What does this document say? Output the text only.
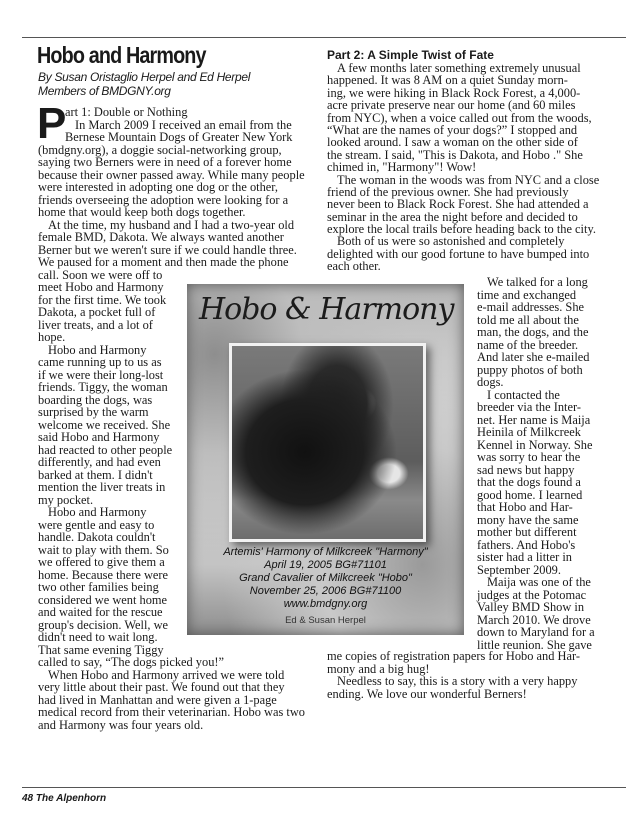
Hobo and Harmony
By Susan Oristaglio Herpel and Ed Herpel
Members of BMDGNY.org
P
art 1: Double or Nothing
In March 2009 I received an email from the
Bernese Mountain Dogs of Greater New York
(bmdgny.org), a doggie social-networking group,
saying two Berners were in need of a forever home
because their owner passed away. While many people
were interested in adopting one dog or the other,
friends overseeing the adoption were looking for a
home that would keep both dogs together.
At the time, my husband and I had a two-year old
female BMD, Dakota. We always wanted another
Berner but we weren't sure if we could handle three.
We paused for a moment and then made the phone
call. Soon we were off to
meet Hobo and Harmony
for the first time. We took
Dakota, a pocket full of
liver treats, and a lot of
hope.
Hobo and Harmony
came running up to us as
if we were their long-lost
friends. Tiggy, the woman
boarding the dogs, was
surprised by the warm
welcome we received. She
said Hobo and Harmony
had reacted to other people
differently, and had even
barked at them. I didn't
mention the liver treats in
my pocket.
Hobo and Harmony
were gentle and easy to
handle. Dakota couldn't
wait to play with them. So
we offered to give them a
home. Because there were
two other families being
considered we went home
and waited for the rescue
group's decision. Well, we
didn't need to wait long.
That same evening Tiggy
called to say, “The dogs picked you!”
When Hobo and Harmony arrived we were told
very little about their past. We found out that they
had lived in Manhattan and were given a 1-page
medical record from their veterinarian. Hobo was two
and Harmony was four years old.
Part 2: A Simple Twist of Fate
A few months later something extremely unusual
happened. It was 8 AM on a quiet Sunday morn-
ing, we were hiking in Black Rock Forest, a 4,000-
acre private preserve near our home (and 60 miles
from NYC), when a voice called out from the woods,
“What are the names of your dogs?” I stopped and
looked around. I saw a woman on the other side of
the stream. I said, "This is Dakota, and Hobo ." She
chimed in, "Harmony"! Wow!
The woman in the woods was from NYC and a close
friend of the previous owner. She had previously
never been to Black Rock Forest. She had attended a
seminar in the area the night before and decided to
explore the local trails before heading back to the city.
Both of us were so astonished and completely
delighted with our good fortune to have bumped into
each other.
We talked for a long
time and exchanged
e-mail addresses. She
told me all about the
man, the dogs, and the
name of the breeder.
And later she e-mailed
puppy photos of both
dogs.
I contacted the
breeder via the Inter-
net. Her name is Maija
Heinila of Milkcreek
Kennel in Norway. She
was sorry to hear the
sad news but happy
that the dogs found a
good home. I learned
that Hobo and Har-
mony have the same
mother but different
fathers. And Hobo's
sister had a litter in
September 2009.
Maija was one of the
judges at the Potomac
Valley BMD Show in
March 2010. We drove
down to Maryland for a
little reunion. She gave
me copies of registration papers for Hobo and Har-
mony and a big hug!
Needless to say, this is a story with a very happy
ending. We love our wonderful Berners!
Hobo & Harmony
Artemis' Harmony of Milkcreek "Harmony"
April 19, 2005 BG#71101
Grand Cavalier of Milkcreek "Hobo"
November 25, 2006 BG#71100
www.bmdgny.org
Ed & Susan Herpel
48 The Alpenhorn
